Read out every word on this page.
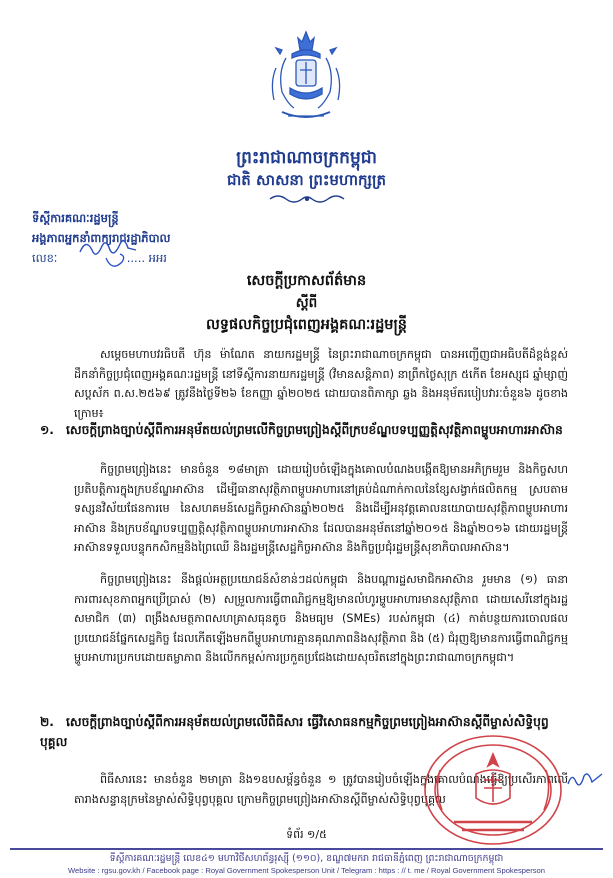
ព្រះរាជាណាចក្រកម្ពុជា
ជាតិ សាសនា ព្រះមហាក្សត្រ
ទីស្តីការគណៈរដ្ឋមន្ត្រី
អង្គភាពអ្នកនាំពាក្យរាជរដ្ឋាភិបាល
លេខៈ	..... អអរ
សេចក្តីប្រកាសព័ត៌មាន
ស្តីពី
លទ្ធផលកិច្ចប្រជុំពេញអង្គគណៈរដ្ឋមន្ត្រី
សម្តេចមហាបវរធិបតី ហ៊ុន ម៉ាណែត នាយករដ្ឋមន្ត្រី នៃព្រះរាជាណាចក្រកម្ពុជា បានអញ្ជើញជាអធិបតីដ៏ខ្ពង់ខ្ពស់ ដឹកនាំកិច្ចប្រជុំពេញអង្គគណៈរដ្ឋមន្ត្រី នៅទីស្តីការនាយករដ្ឋមន្ត្រី (វិមានសន្តិភាព) នាព្រឹកថ្ងៃសុក្រ ៥កើត ខែអស្សុជ ឆ្នាំម្សាញ់ សប្តស័ក ព.ស.២៥៦៩ ត្រូវនឹងថ្ងៃទី២៦ ខែកញ្ញា ឆ្នាំ២០២៥ ដោយបានពិភាក្សា ឆ្លង និងអនុម័តរបៀបវារៈចំនួន៦ ដូចខាងក្រោម៖
១. សេចក្តីព្រាងច្បាប់ស្តីពីការអនុម័តយល់ព្រមលើកិច្ចព្រមព្រៀងស្តីពីក្របខ័ណ្ឌបទប្បញ្ញត្តិសុវត្ថិភាពម្ហូបអាហារអាស៊ាន
កិច្ចព្រមព្រៀងនេះ មានចំនួន ១៨មាត្រា ដោយរៀបចំឡើងក្នុងគោលបំណងបង្កើតឱ្យមានអភិក្រមរួម និងកិច្ចសហប្រតិបត្តិការក្នុងក្របខ័ណ្ឌអាស៊ាន ដើម្បីធានាសុវត្ថិភាពម្ហូបអាហារនៅគ្រប់ដំណាក់កាលនៃខ្សែសង្វាក់ផលិតកម្ម ស្របតាមទស្សនវិស័យផែនការមេ នៃសហគមន៍សេដ្ឋកិច្ចអាស៊ានឆ្នាំ២០២៥ និងដើម្បីអនុវត្តគោលនយោបាយសុវត្ថិភាពម្ហូបអាហារអាស៊ាន និងក្របខ័ណ្ឌបទប្បញ្ញត្តិសុវត្ថិភាពម្ហូបអាហារអាស៊ាន ដែលបានអនុម័តនៅឆ្នាំ២០១៥ និងឆ្នាំ២០១៦ ដោយរដ្ឋមន្ត្រីអាស៊ានទទួលបន្ទុកកសិកម្មនិងព្រៃឈើ និងរដ្ឋមន្ត្រីសេដ្ឋកិច្ចអាស៊ាន និងកិច្ចប្រជុំរដ្ឋមន្ត្រីសុខាភិបាលអាស៊ាន។
កិច្ចព្រមព្រៀងនេះ នឹងផ្តល់អត្ថប្រយោជន៍សំខាន់ៗដល់កម្ពុជា និងបណ្តារដ្ឋសមាជិកអាស៊ាន រួមមាន (១) ធានាការពារសុខភាពអ្នកប្រើប្រាស់ (២) សម្រួលការធ្វើពាណិជ្ជកម្មឱ្យមានលំហូរម្ហូបអាហារមានសុវត្ថិភាព ដោយសេរីនៅក្នុងរដ្ឋសមាជិក (៣) ពង្រឹងសមត្ថភាពសហគ្រាសធុនតូច និងមធ្យម (SMEs) របស់កម្ពុជា (៤) កាត់បន្ថយការចោលផលប្រយោជន៍ផ្នែកសេដ្ឋកិច្ច ដែលកើតឡើងមកពីម្ហូបអាហារគ្មានគុណភាពនិងសុវត្ថិភាព និង (៥) ជំរុញឱ្យមានការធ្វើពាណិជ្ជកម្មម្ហូបអាហារប្រកបដោយតម្លាភាព និងលើកកម្ពស់ការប្រកួតប្រជែងដោយសុចរិតនៅក្នុងព្រះរាជាណាចក្រកម្ពុជា។
២. សេចក្តីព្រាងច្បាប់ស្តីពីការអនុម័តយល់ព្រមលើពិធីសារ ធ្វើវិសោធនកម្មកិច្ចព្រមព្រៀងអាស៊ានស្តីពីម្ចាស់សិទ្ធិបុព្វបុគ្គល
ពិធីសារនេះ មានចំនួន ២មាត្រា និង១ឧបសម្ព័ន្ធចំនួន ១ ត្រូវបានរៀបចំឡើងក្នុងគោលបំណងធ្វើឱ្យប្រសើរភាពលើតារាងសន្ទានុក្រមនៃម្ចាស់សិទ្ធិបុព្វបុគ្គល ក្រោមកិច្ចព្រមព្រៀងអាស៊ានស្តីពីម្ចាស់សិទ្ធិបុព្វបុគ្គល
ទំព័រ ១/៥
ទីស្តីការគណៈរដ្ឋមន្ត្រី លេខ៤១ មហាវិថីសហព័ន្ធរុស្ស៊ី (១១០), ខណ្ឌ៧មករា រាជធានីភ្នំពេញ ព្រះរាជាណាចក្រកម្ពុជា
Website : rgsu.gov.kh / Facebook page : Royal Government Spokesperson Unit / Telegram : https : // t. me / Royal Government Spokesperson
